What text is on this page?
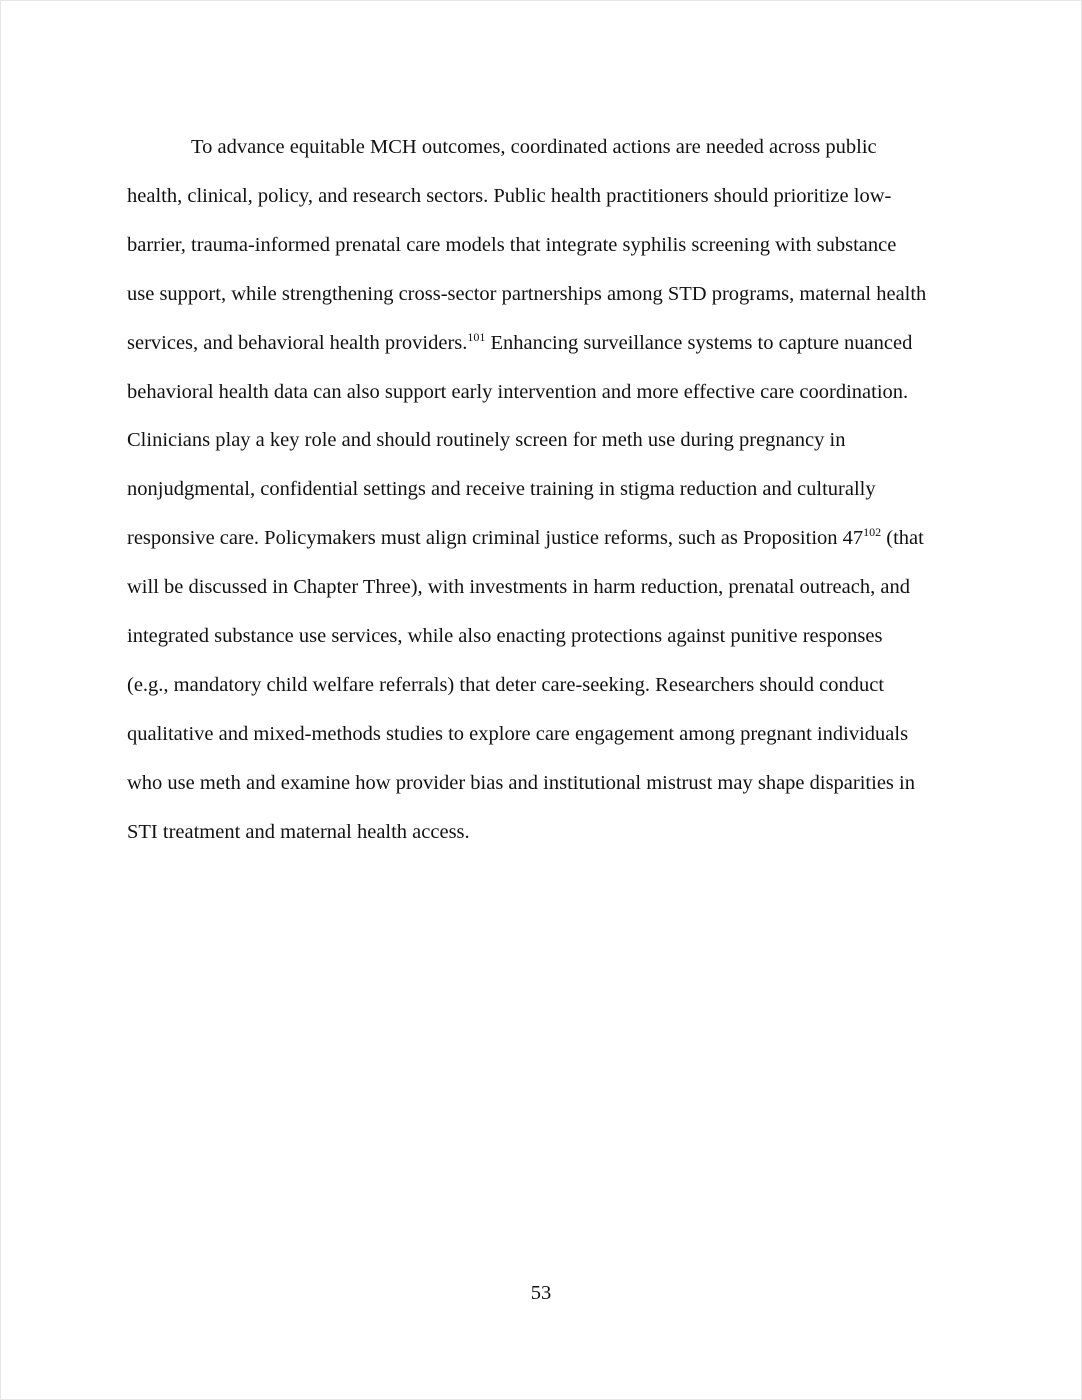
To advance equitable MCH outcomes, coordinated actions are needed across public
health, clinical, policy, and research sectors. Public health practitioners should prioritize low-
barrier, trauma-informed prenatal care models that integrate syphilis screening with substance
use support, while strengthening cross-sector partnerships among STD programs, maternal health
services, and behavioral health providers.$^{101}$ Enhancing surveillance systems to capture nuanced
behavioral health data can also support early intervention and more effective care coordination.
Clinicians play a key role and should routinely screen for meth use during pregnancy in
nonjudgmental, confidential settings and receive training in stigma reduction and culturally
responsive care. Policymakers must align criminal justice reforms, such as Proposition $47^{102}$ (that
will be discussed in Chapter Three), with investments in harm reduction, prenatal outreach, and
integrated substance use services, while also enacting protections against punitive responses
(e.g., mandatory child welfare referrals) that deter care-seeking. Researchers should conduct
qualitative and mixed-methods studies to explore care engagement among pregnant individuals
who use meth and examine how provider bias and institutional mistrust may shape disparities in
STI treatment and maternal health access.
53
